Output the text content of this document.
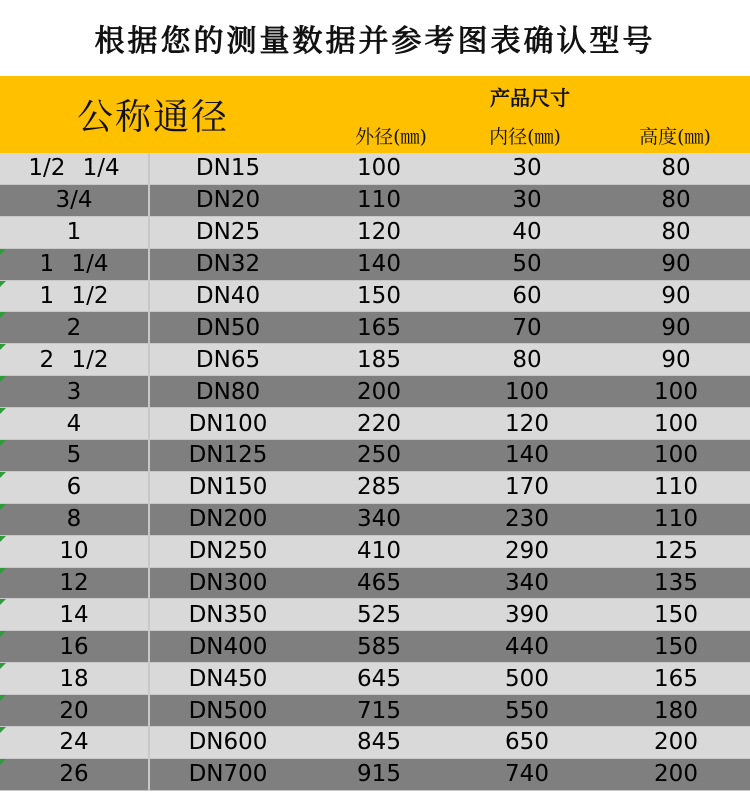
根据您的测量数据并参考图表确认型号
公称通径	产品尺寸
外径(㎜)	内径(㎜)	高度(㎜)
1/2 1/4	DN15	100	30	80
3/4	DN20	110	30	80
1	DN25	120	40	80
1 1/4	DN32	140	50	90
1 1/2	DN40	150	60	90
2	DN50	165	70	90
2 1/2	DN65	185	80	90
3	DN80	200	100	100
4	DN100	220	120	100
5	DN125	250	140	100
6	DN150	285	170	110
8	DN200	340	230	110
10	DN250	410	290	125
12	DN300	465	340	135
14	DN350	525	390	150
16	DN400	585	440	150
18	DN450	645	500	165
20	DN500	715	550	180
24	DN600	845	650	200
26	DN700	915	740	200
